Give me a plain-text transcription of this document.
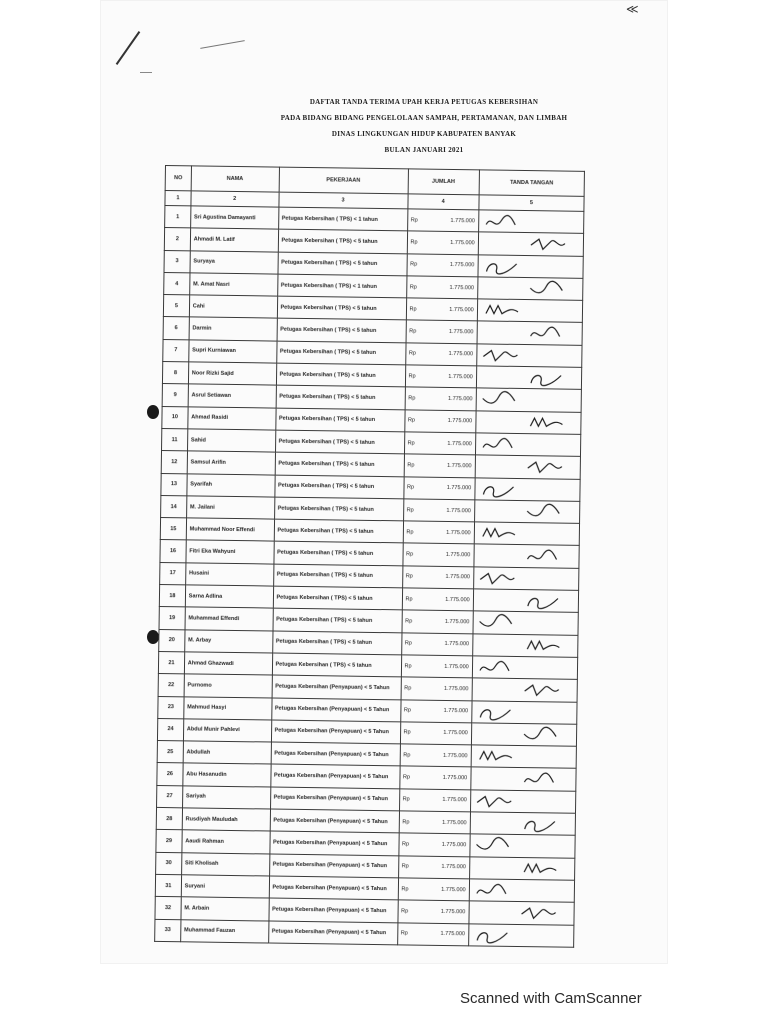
≪
DAFTAR TANDA TERIMA UPAH KERJA PETUGAS KEBERSIHAN
PADA BIDANG BIDANG PENGELOLAAN SAMPAH, PERTAMANAN, DAN LIMBAH
DINAS LINGKUNGAN HIDUP KABUPATEN BANYAK
BULAN JANUARI 2021
NO	NAMA	PEKERJAAN	JUMLAH	TANDA TANGAN
1	2	3	4	5
1	Sri Agustina Damayanti	Petugas Kebersihan ( TPS) < 1 tahun	Rp 1.775.000

2	Ahmadi M. Latif	Petugas Kebersihan ( TPS) < 5 tahun	Rp 1.775.000

3	Suryaya	Petugas Kebersihan ( TPS) < 5 tahun	Rp 1.775.000

4	M. Amat Nasri	Petugas Kebersihan ( TPS) < 1 tahun	Rp 1.775.000

5	Cahi	Petugas Kebersihan ( TPS) < 5 tahun	Rp 1.775.000

6	Darmin	Petugas Kebersihan ( TPS) < 5 tahun	Rp 1.775.000

7	Supri Kurniawan	Petugas Kebersihan ( TPS) < 5 tahun	Rp 1.775.000

8	Noor Rizki Sajid	Petugas Kebersihan ( TPS) < 5 tahun	Rp 1.775.000

9	Asrul Setiawan	Petugas Kebersihan ( TPS) < 5 tahun	Rp 1.775.000

10	Ahmad Rasidi	Petugas Kebersihan ( TPS) < 5 tahun	Rp 1.775.000

11	Sahid	Petugas Kebersihan ( TPS) < 5 tahun	Rp 1.775.000

12	Samsul Arifin	Petugas Kebersihan ( TPS) < 5 tahun	Rp 1.775.000

13	Syarifah	Petugas Kebersihan ( TPS) < 5 tahun	Rp 1.775.000

14	M. Jailani	Petugas Kebersihan ( TPS) < 5 tahun	Rp 1.775.000

15	Muhammad Noor Effendi	Petugas Kebersihan ( TPS) < 5 tahun	Rp 1.775.000

16	Fitri Eka Wahyuni	Petugas Kebersihan ( TPS) < 5 tahun	Rp 1.775.000

17	Husaini	Petugas Kebersihan ( TPS) < 5 tahun	Rp 1.775.000

18	Sarna Adlina	Petugas Kebersihan ( TPS) < 5 tahun	Rp 1.775.000

19	Muhammad Effendi	Petugas Kebersihan ( TPS) < 5 tahun	Rp 1.775.000

20	M. Arbay	Petugas Kebersihan ( TPS) < 5 tahun	Rp 1.775.000

21	Ahmad Ghazwadi	Petugas Kebersihan ( TPS) < 5 tahun	Rp 1.775.000

22	Purnomo	Petugas Kebersihan (Penyapuan) < 5 Tahun	Rp 1.775.000

23	Mahmud Hasyi	Petugas Kebersihan (Penyapuan) < 5 Tahun	Rp 1.775.000

24	Abdul Munir Pahlevi	Petugas Kebersihan (Penyapuan) < 5 Tahun	Rp 1.775.000

25	Abdullah	Petugas Kebersihan (Penyapuan) < 5 Tahun	Rp 1.775.000

26	Abu Hasanudin	Petugas Kebersihan (Penyapuan) < 5 Tahun	Rp 1.775.000

27	Sariyah	Petugas Kebersihan (Penyapuan) < 5 Tahun	Rp 1.775.000

28	Rusdiyah Mauludah	Petugas Kebersihan (Penyapuan) < 5 Tahun	Rp 1.775.000

29	Aaudi Rahman	Petugas Kebersihan (Penyapuan) < 5 Tahun	Rp 1.775.000

30	Siti Kholisah	Petugas Kebersihan (Penyapuan) < 5 Tahun	Rp 1.775.000

31	Suryani	Petugas Kebersihan (Penyapuan) < 5 Tahun	Rp 1.775.000

32	M. Arbain	Petugas Kebersihan (Penyapuan) < 5 Tahun	Rp 1.775.000

33	Muhammad Fauzan	Petugas Kebersihan (Penyapuan) < 5 Tahun	Rp 1.775.000

Scanned with CamScanner
